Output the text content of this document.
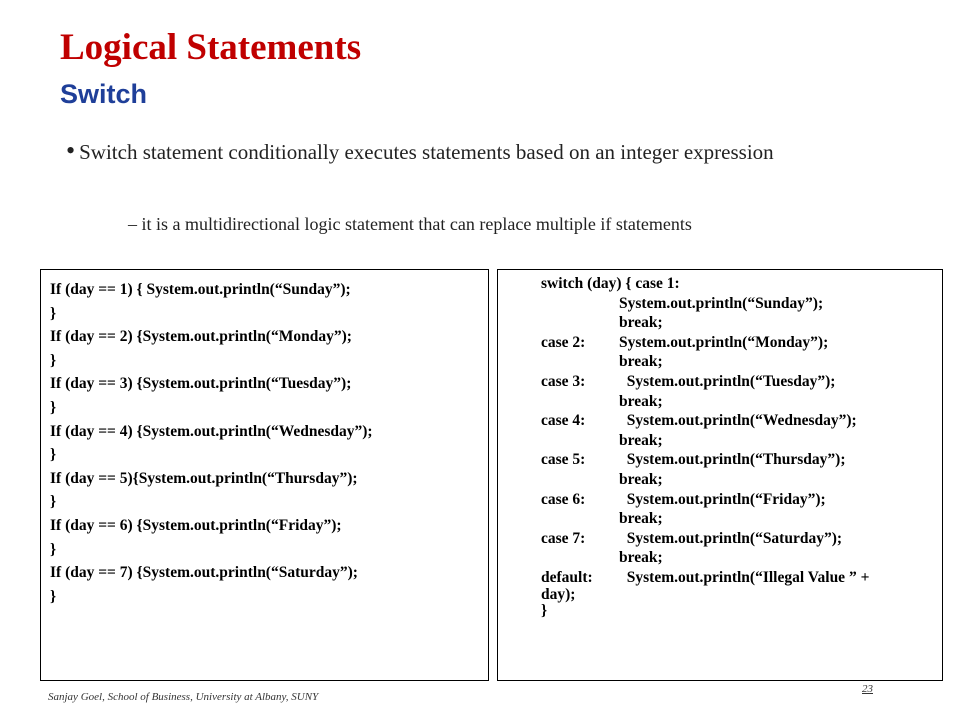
Logical Statements
Switch
• Switch statement conditionally executes statements based on an integer expression
– it is a multidirectional logic statement that can replace multiple if statements
If (day == 1) { System.out.println(“Sunday”);
}
If (day == 2) {System.out.println(“Monday”);
}
If (day == 3) {System.out.println(“Tuesday”);
}
If (day == 4) {System.out.println(“Wednesday”);
}
If (day == 5){System.out.println(“Thursday”);
}
If (day == 6) {System.out.println(“Friday”);
}
If (day == 7) {System.out.println(“Saturday”);
}
switch (day) { case 1:
System.out.println(“Sunday”);
break;
case 2: System.out.println(“Monday”);
break;
case 3:  System.out.println(“Tuesday”);
break;
case 4:  System.out.println(“Wednesday”);
break;
case 5:  System.out.println(“Thursday”);
break;
case 6:  System.out.println(“Friday”);
break;
case 7:  System.out.println(“Saturday”);
break;
default:  System.out.println(“Illegal Value ” +
day);
}
Sanjay Goel, School of Business, University at Albany, SUNY
23
